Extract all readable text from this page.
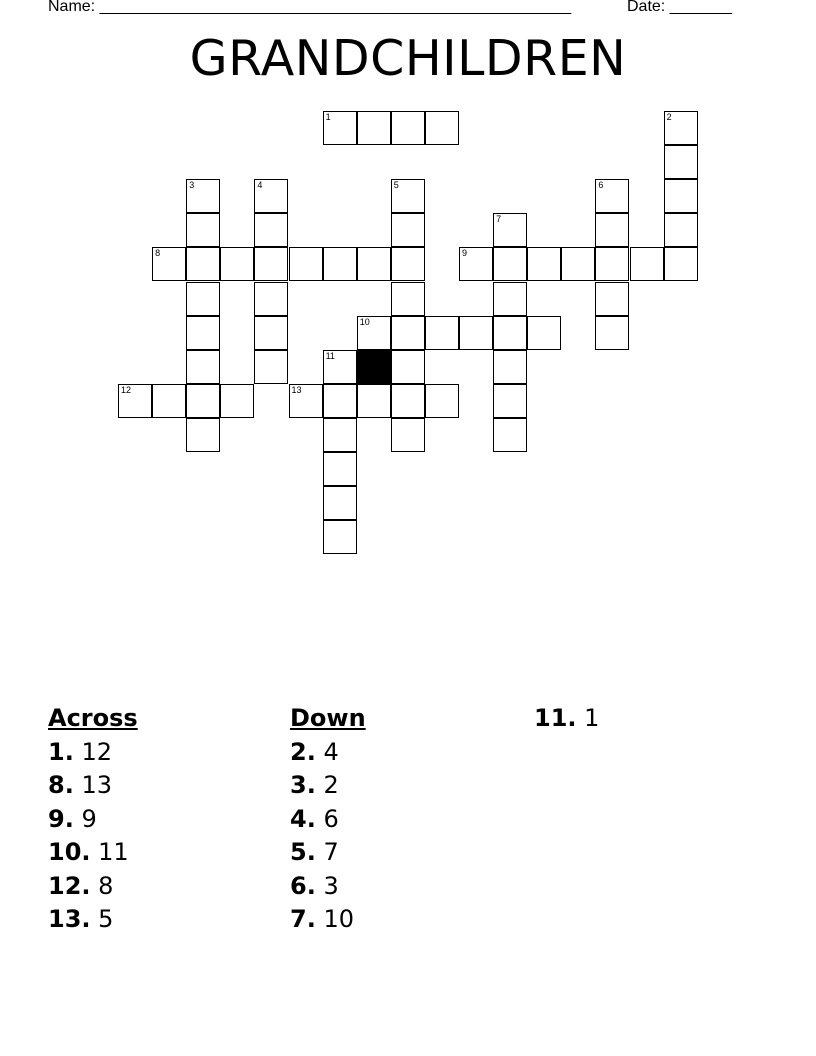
Name: _____________________________________________________	Date: _______
GRANDCHILDREN
1	2
3	4	5	6
7
8	9
10
11
12	13
Across
1. 12
8. 13
9. 9
10. 11
12. 8
13. 5
Down
2. 4
3. 2
4. 6
5. 7
6. 3
7. 10
11. 1
